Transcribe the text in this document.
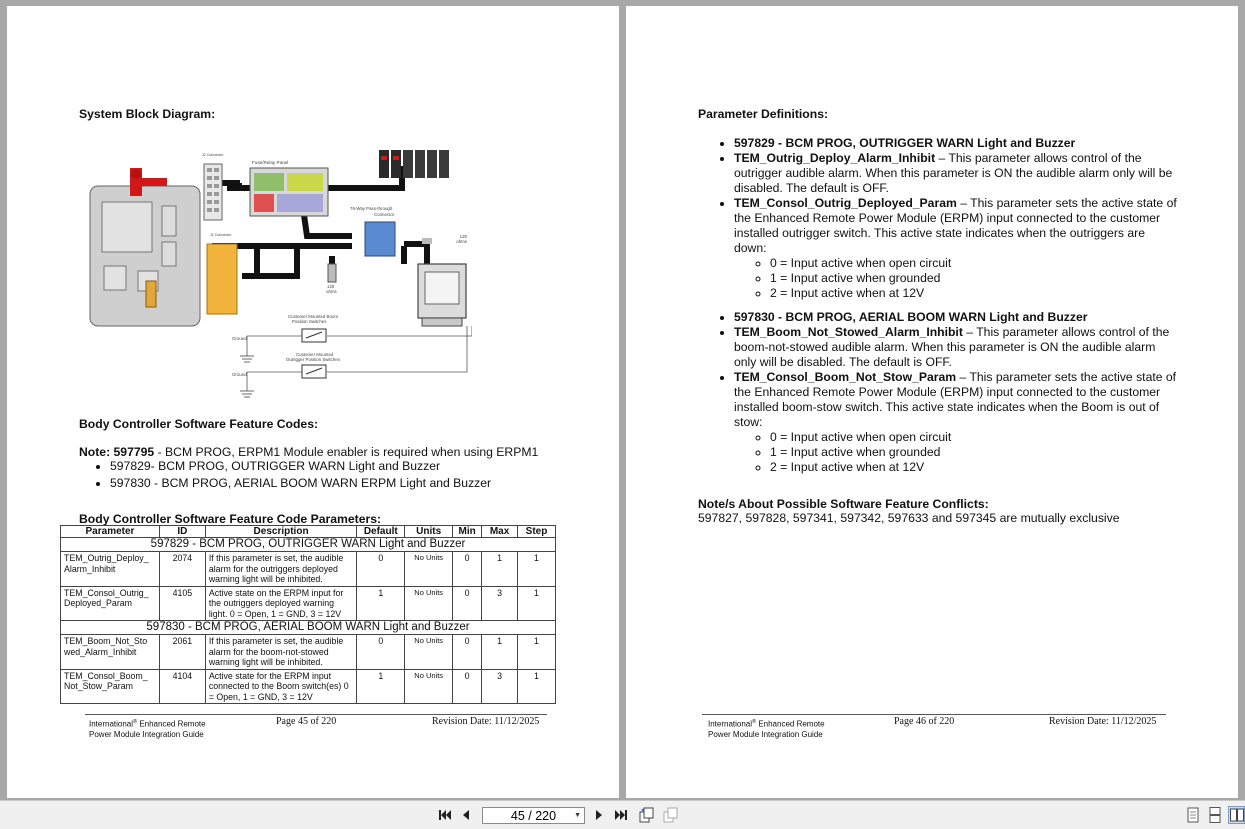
System Block Diagram:

J2 Connector
J1 Connector
Fuse/Relay Panel
76-Way Pass-through
Connector
120
ohms
120
ohms
Ground
Ground
Customer Mounted Boom
Position Switches
Customer Mounted
Outrigger Position Switches

Body Controller Software Feature Codes:

Note: 597795 - BCM PROG, ERPM1 Module enabler is required when using ERPM1

• 597829- BCM PROG, OUTRIGGER WARN Light and Buzzer
• 597830 - BCM PROG, AERIAL BOOM WARN ERPM Light and Buzzer

Body Controller Software Feature Code Parameters:

Parameter	ID	Description	Default	Units	Min	Max	Step
597829 - BCM PROG, OUTRIGGER WARN Light and Buzzer							
TEM_Outrig_Deploy_ Alarm_Inhibit	2074	If this parameter is set, the audible alarm for the outriggers deployed warning light will be inhibited.	0	No Units	0	1	1
TEM_Consol_Outrig_ Deployed_Param	4105	Active state on the ERPM input for the outriggers deployed warning light. 0 = Open, 1 = GND, 3 = 12V	1	No Units	0	3	1
597830 - BCM PROG, AERIAL BOOM WARN Light and Buzzer							
TEM_Boom_Not_Sto wed_Alarm_Inhibit	2061	If this parameter is set, the audible alarm for the boom-not-stowed warning light will be inhibited.	0	No Units	0	1	1
TEM_Consol_Boom_ Not_Stow_Param	4104	Active state for the ERPM input connected to the Boom switch(es) 0 = Open, 1 = GND, 3 = 12V	1	No Units	0	3	1
International® Enhanced Remote
Power Module Integration Guide
Page 45 of 220	Revision Date: 11/12/2025

Parameter Definitions:

• 597829 - BCM PROG, OUTRIGGER WARN Light and Buzzer
• TEM_Outrig_Deploy_Alarm_Inhibit – This parameter allows control of the outrigger audible alarm. When this parameter is ON the audible alarm only will be disabled. The default is OFF.
• TEM_Consol_Outrig_Deployed_Param – This parameter sets the active state of the Enhanced Remote Power Module (ERPM) input connected to the customer installed outrigger switch. This active state indicates when the outriggers are down:
◦ 0 = Input active when open circuit
◦ 1 = Input active when grounded
◦ 2 = Input active when at 12V
• 597830 - BCM PROG, AERIAL BOOM WARN Light and Buzzer
• TEM_Boom_Not_Stowed_Alarm_Inhibit – This parameter allows control of the boom-not-stowed audible alarm. When this parameter is ON the audible alarm only will be disabled. The default is OFF.
• TEM_Consol_Boom_Not_Stow_Param – This parameter sets the active state of the Enhanced Remote Power Module (ERPM) input connected to the customer installed boom-stow switch. This active state indicates when the Boom is out of stow:
◦ 0 = Input active when open circuit
◦ 1 = Input active when grounded
◦ 2 = Input active when at 12V

Note/s About Possible Software Feature Conflicts:

597827, 597828, 597341, 597342, 597633 and 597345 are mutually exclusive

International® Enhanced Remote
Power Module Integration Guide
Page 46 of 220	Revision Date: 11/12/2025
45 / 220	▼
